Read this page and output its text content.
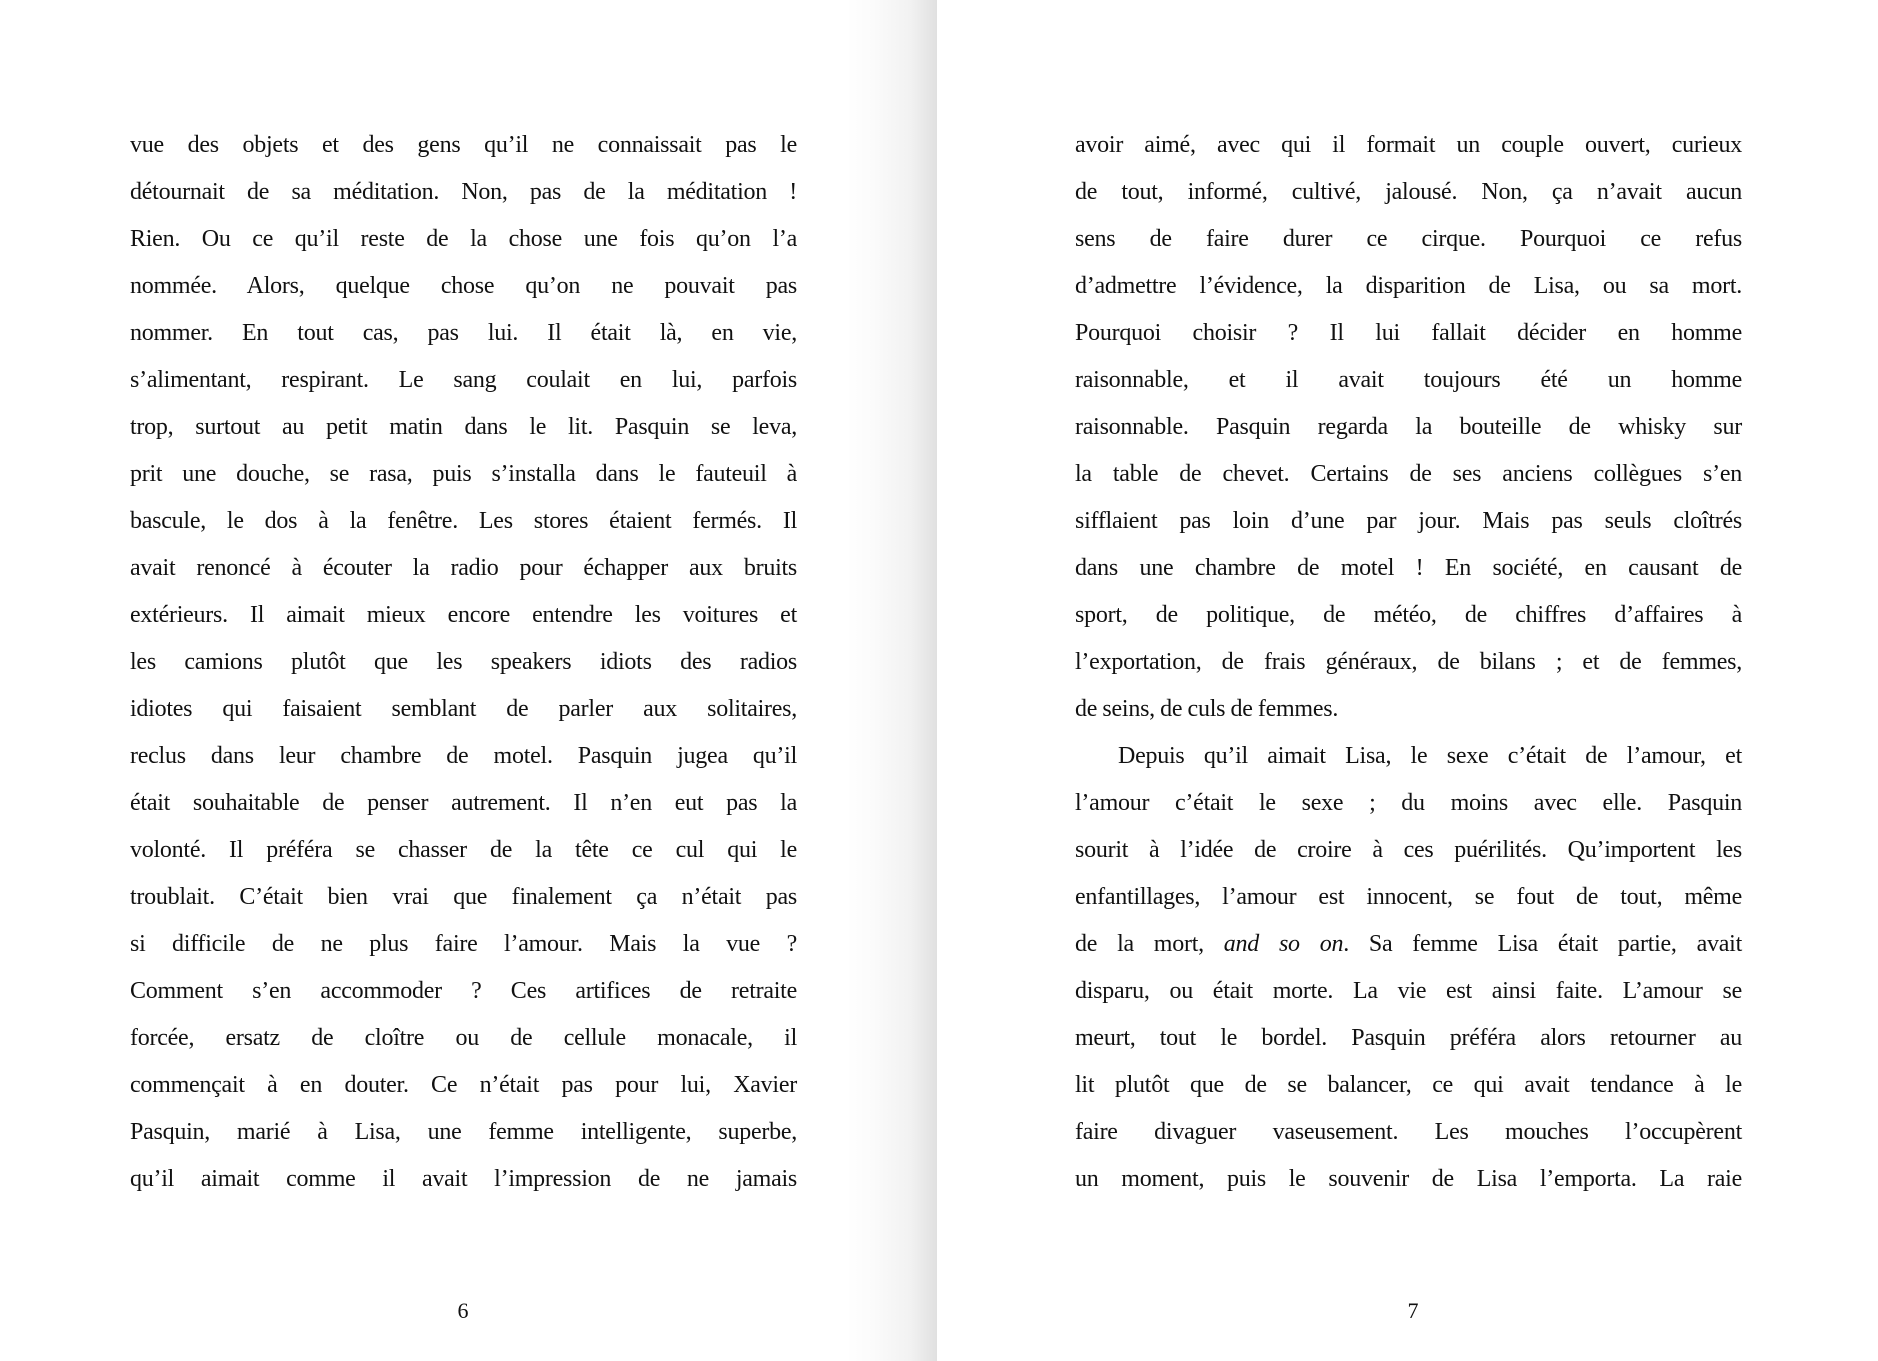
vue des objets et des gens qu’il ne connaissait pas le
détournait de sa méditation. Non, pas de la méditation !
Rien. Ou ce qu’il reste de la chose une fois qu’on l’a
nommée. Alors, quelque chose qu’on ne pouvait pas
nommer. En tout cas, pas lui. Il était là, en vie,
s’alimentant, respirant. Le sang coulait en lui, parfois
trop, surtout au petit matin dans le lit. Pasquin se leva,
prit une douche, se rasa, puis s’installa dans le fauteuil à
bascule, le dos à la fenêtre. Les stores étaient fermés. Il
avait renoncé à écouter la radio pour échapper aux bruits
extérieurs. Il aimait mieux encore entendre les voitures et
les camions plutôt que les speakers idiots des radios
idiotes qui faisaient semblant de parler aux solitaires,
reclus dans leur chambre de motel. Pasquin jugea qu’il
était souhaitable de penser autrement. Il n’en eut pas la
volonté. Il préféra se chasser de la tête ce cul qui le
troublait. C’était bien vrai que finalement ça n’était pas
si difficile de ne plus faire l’amour. Mais la vue ?
Comment s’en accommoder ? Ces artifices de retraite
forcée, ersatz de cloître ou de cellule monacale, il
commençait à en douter. Ce n’était pas pour lui, Xavier
Pasquin, marié à Lisa, une femme intelligente, superbe,
qu’il aimait comme il avait l’impression de ne jamais
6
avoir aimé, avec qui il formait un couple ouvert, curieux
de tout, informé, cultivé, jalousé. Non, ça n’avait aucun
sens de faire durer ce cirque. Pourquoi ce refus
d’admettre l’évidence, la disparition de Lisa, ou sa mort.
Pourquoi choisir ? Il lui fallait décider en homme
raisonnable, et il avait toujours été un homme
raisonnable. Pasquin regarda la bouteille de whisky sur
la table de chevet. Certains de ses anciens collègues s’en
sifflaient pas loin d’une par jour. Mais pas seuls cloîtrés
dans une chambre de motel ! En société, en causant de
sport, de politique, de météo, de chiffres d’affaires à
l’exportation, de frais généraux, de bilans ; et de femmes,
de seins, de culs de femmes.
Depuis qu’il aimait Lisa, le sexe c’était de l’amour, et
l’amour c’était le sexe ; du moins avec elle. Pasquin
sourit à l’idée de croire à ces puérilités. Qu’importent les
enfantillages, l’amour est innocent, se fout de tout, même
de la mort, and so on. Sa femme Lisa était partie, avait
disparu, ou était morte. La vie est ainsi faite. L’amour se
meurt, tout le bordel. Pasquin préféra alors retourner au
lit plutôt que de se balancer, ce qui avait tendance à le
faire divaguer vaseusement. Les mouches l’occupèrent
un moment, puis le souvenir de Lisa l’emporta. La raie
7
